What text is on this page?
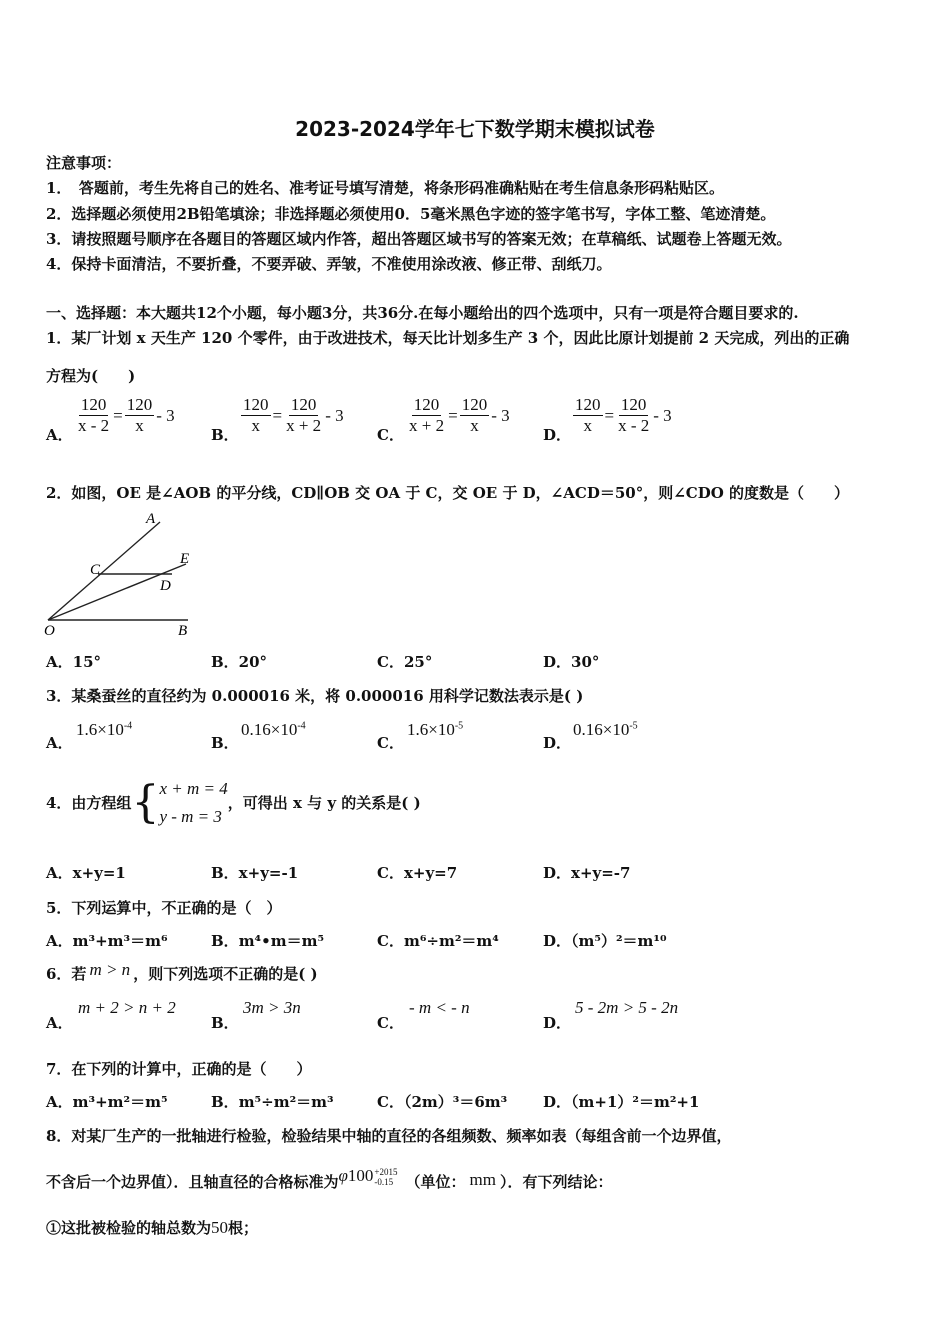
2023-2024学年七下数学期末模拟试卷
注意事项：
1．　答题前，考生先将自己的姓名、准考证号填写清楚，将条形码准确粘贴在考生信息条形码粘贴区。
2．选择题必须使用2B铅笔填涂；非选择题必须使用0．5毫米黑色字迹的签字笔书写，字体工整、笔迹清楚。
3．请按照题号顺序在各题目的答题区域内作答，超出答题区域书写的答案无效；在草稿纸、试题卷上答题无效。
4．保持卡面清洁，不要折叠，不要弄破、弄皱，不准使用涂改液、修正带、刮纸刀。
一、选择题：本大题共12个小题，每小题3分，共36分.在每小题给出的四个选项中，只有一项是符合题目要求的.
1．某厂计划 x 天生产 120 个零件，由于改进技术，每天比计划多生产 3 个，因此比原计划提前 2 天完成，列出的正确
方程为(　　)
A． $\frac{120}{x - 2} = \frac{120}{x} - 3$
B． $\frac{120}{x} = \frac{120}{x + 2} - 3$
C． $\frac{120}{x + 2} = \frac{120}{x} - 3$
D． $\frac{120}{x} = \frac{120}{x - 2} - 3$
2．如图，OE 是∠AOB 的平分线，CD∥OB 交 OA 于 C，交 OE 于 D，∠ACD＝50°，则∠CDO 的度数是（　　）
A
E
C
D
O	B
A．15°	B．20°	C．25°	D．30°
3．某桑蚕丝的直径约为 0.000016 米，将 0.000016 用科学记数法表示是( )
A．
$1.6\times 10^{-4}$
B．
$0.16\times 10^{-4}$
C．
$1.6\times 10^{-5}$
D．
$0.16\times 10^{-5}$
4．由方程组{ x + m = 4
y - m = 3
，可得出 x 与 y 的关系是( )
A．x+y=1	B．x+y=-1	C．x+y=7	D．x+y=-7
5．下列运算中，不正确的是（　）
A．m³+m³＝m⁶	B．m⁴•m＝m⁵	C．m⁶÷m²＝m⁴	D．（m⁵）²＝m¹⁰
6．若 m > n ，则下列选项不正确的是( )
A．
m + 2 > n + 2
B．
3m > 3n
C．
- m < - n
D．
5 - 2m > 5 - 2n
7．在下列的计算中，正确的是（　　）
A．m³+m²＝m⁵	B．m⁵÷m²＝m³	C．（2m）³＝6m³ D．（m+1）²＝m²+1
8．对某厂生产的一批轴进行检验，检验结果中轴的直径的各组频数、频率如表（每组含前一个边界值，
不含后一个边界值）．且轴直径的合格标准为φ100 +2015
-0.15 （单位： mm ）．有下列结论：
①这批被检验的轴总数为50根；
